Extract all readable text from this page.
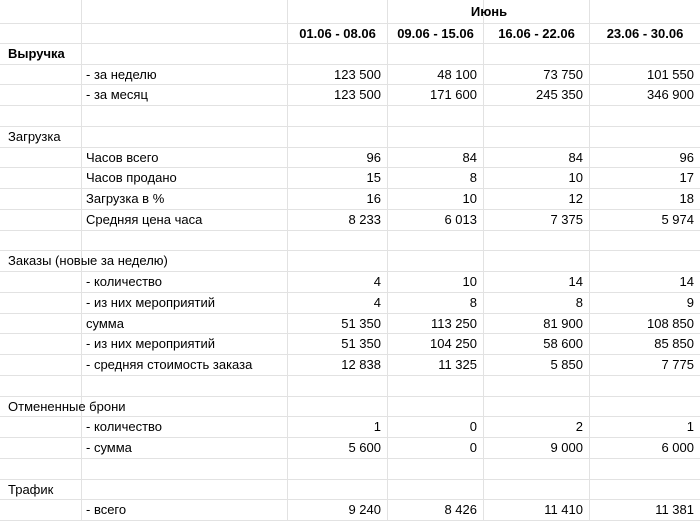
Июнь
01.06 - 08.06	09.06 - 15.06	16.06 - 22.06	23.06 - 30.06
Выручка
- за неделю	123 500	48 100	73 750	101 550
- за месяц	123 500	171 600	245 350	346 900
Загрузка
Часов всего	96	84	84	96
Часов продано	15	8	10	17
Загрузка в %	16	10	12	18
Средняя цена часа	8 233	6 013	7 375	5 974
Заказы (новые за неделю)
- количество	4	10	14	14
- из них мероприятий	4	8	8	9
сумма	51 350	113 250	81 900	108 850
- из них мероприятий	51 350	104 250	58 600	85 850
- средняя стоимость заказа	12 838	11 325	5 850	7 775
Отмененные брони
- количество	1	0	2	1
- сумма	5 600	0	9 000	6 000
Трафик
- всего	9 240	8 426	11 410	11 381
